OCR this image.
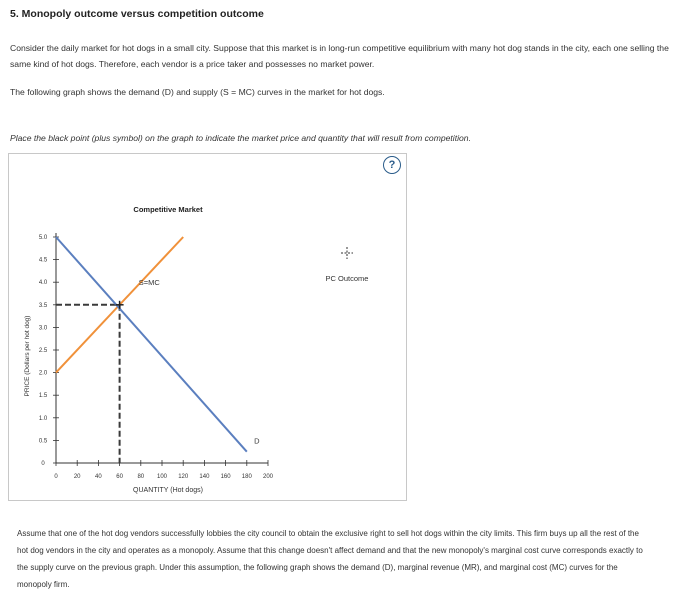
5. Monopoly outcome versus competition outcome
Consider the daily market for hot dogs in a small city. Suppose that this market is in long-run competitive equilibrium with many hot dog stands in the city, each one selling the same kind of hot dogs. Therefore, each vendor is a price taker and possesses no market power.
The following graph shows the demand (D) and supply (S = MC) curves in the market for hot dogs.
Place the black point (plus symbol) on the graph to indicate the market price and quantity that will result from competition.
?
0	20 40 60 80 100 120 140 160 180 200
0
0.5
1.0
1.5
2.0
2.5
3.0
3.5
4.0
4.5
5.0
Competitive Market
S=MC
D
QUANTITY (Hot dogs)
PRICE (Dollars per hot dog)
PC Outcome
Assume that one of the hot dog vendors successfully lobbies the city council to obtain the exclusive right to sell hot dogs within the city limits. This firm buys up all the rest of the hot dog vendors in the city and operates as a monopoly. Assume that this change doesn't affect demand and that the new monopoly's marginal cost curve corresponds exactly to the supply curve on the previous graph. Under this assumption, the following graph shows the demand (D), marginal revenue (MR), and marginal cost (MC) curves for the monopoly firm.
